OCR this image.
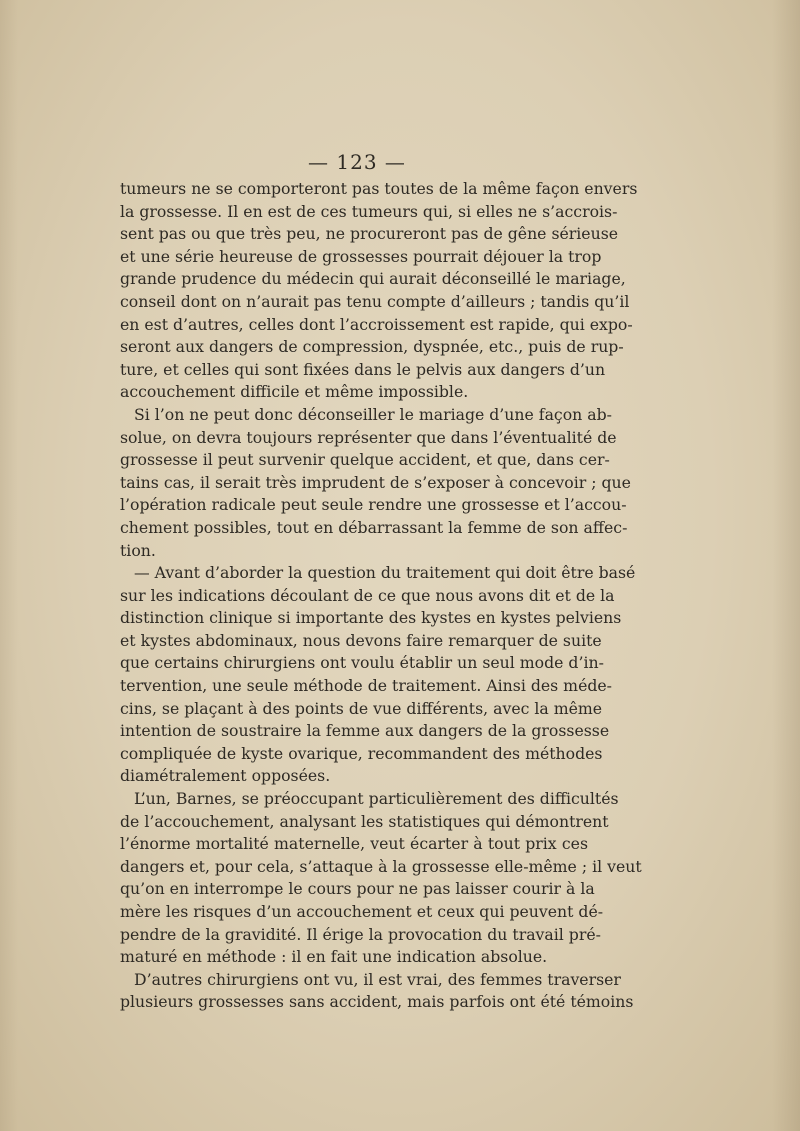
— 123 —
tumeurs ne se comporteront pas toutes de la même façon envers
la grossesse. Il en est de ces tumeurs qui, si elles ne s’accrois-
sent pas ou que très peu, ne procureront pas de gêne sérieuse
et une série heureuse de grossesses pourrait déjouer la trop
grande prudence du médecin qui aurait déconseillé le mariage,
conseil dont on n’aurait pas tenu compte d’ailleurs ; tandis qu’il
en est d’autres, celles dont l’accroissement est rapide, qui expo-
seront aux dangers de compression, dyspnée, etc., puis de rup-
ture, et celles qui sont fixées dans le pelvis aux dangers d’un
accouchement difficile et même impossible.
Si l’on ne peut donc déconseiller le mariage d’une façon ab-
solue, on devra toujours représenter que dans l’éventualité de
grossesse il peut survenir quelque accident, et que, dans cer-
tains cas, il serait très imprudent de s’exposer à concevoir ; que
l’opération radicale peut seule rendre une grossesse et l’accou-
chement possibles, tout en débarrassant la femme de son affec-
tion.
— Avant d’aborder la question du traitement qui doit être basé
sur les indications découlant de ce que nous avons dit et de la
distinction clinique si importante des kystes en kystes pelviens
et kystes abdominaux, nous devons faire remarquer de suite
que certains chirurgiens ont voulu établir un seul mode d’in-
tervention, une seule méthode de traitement. Ainsi des méde-
cins, se plaçant à des points de vue différents, avec la même
intention de soustraire la femme aux dangers de la grossesse
compliquée de kyste ovarique, recommandent des méthodes
diamétralement opposées.
L’un, Barnes, se préoccupant particulièrement des difficultés
de l’accouchement, analysant les statistiques qui démontrent
l’énorme mortalité maternelle, veut écarter à tout prix ces
dangers et, pour cela, s’attaque à la grossesse elle-même ; il veut
qu’on en interrompe le cours pour ne pas laisser courir à la
mère les risques d’un accouchement et ceux qui peuvent dé-
pendre de la gravidité. Il érige la provocation du travail pré-
maturé en méthode : il en fait une indication absolue.
D’autres chirurgiens ont vu, il est vrai, des femmes traverser
plusieurs grossesses sans accident, mais parfois ont été témoins
